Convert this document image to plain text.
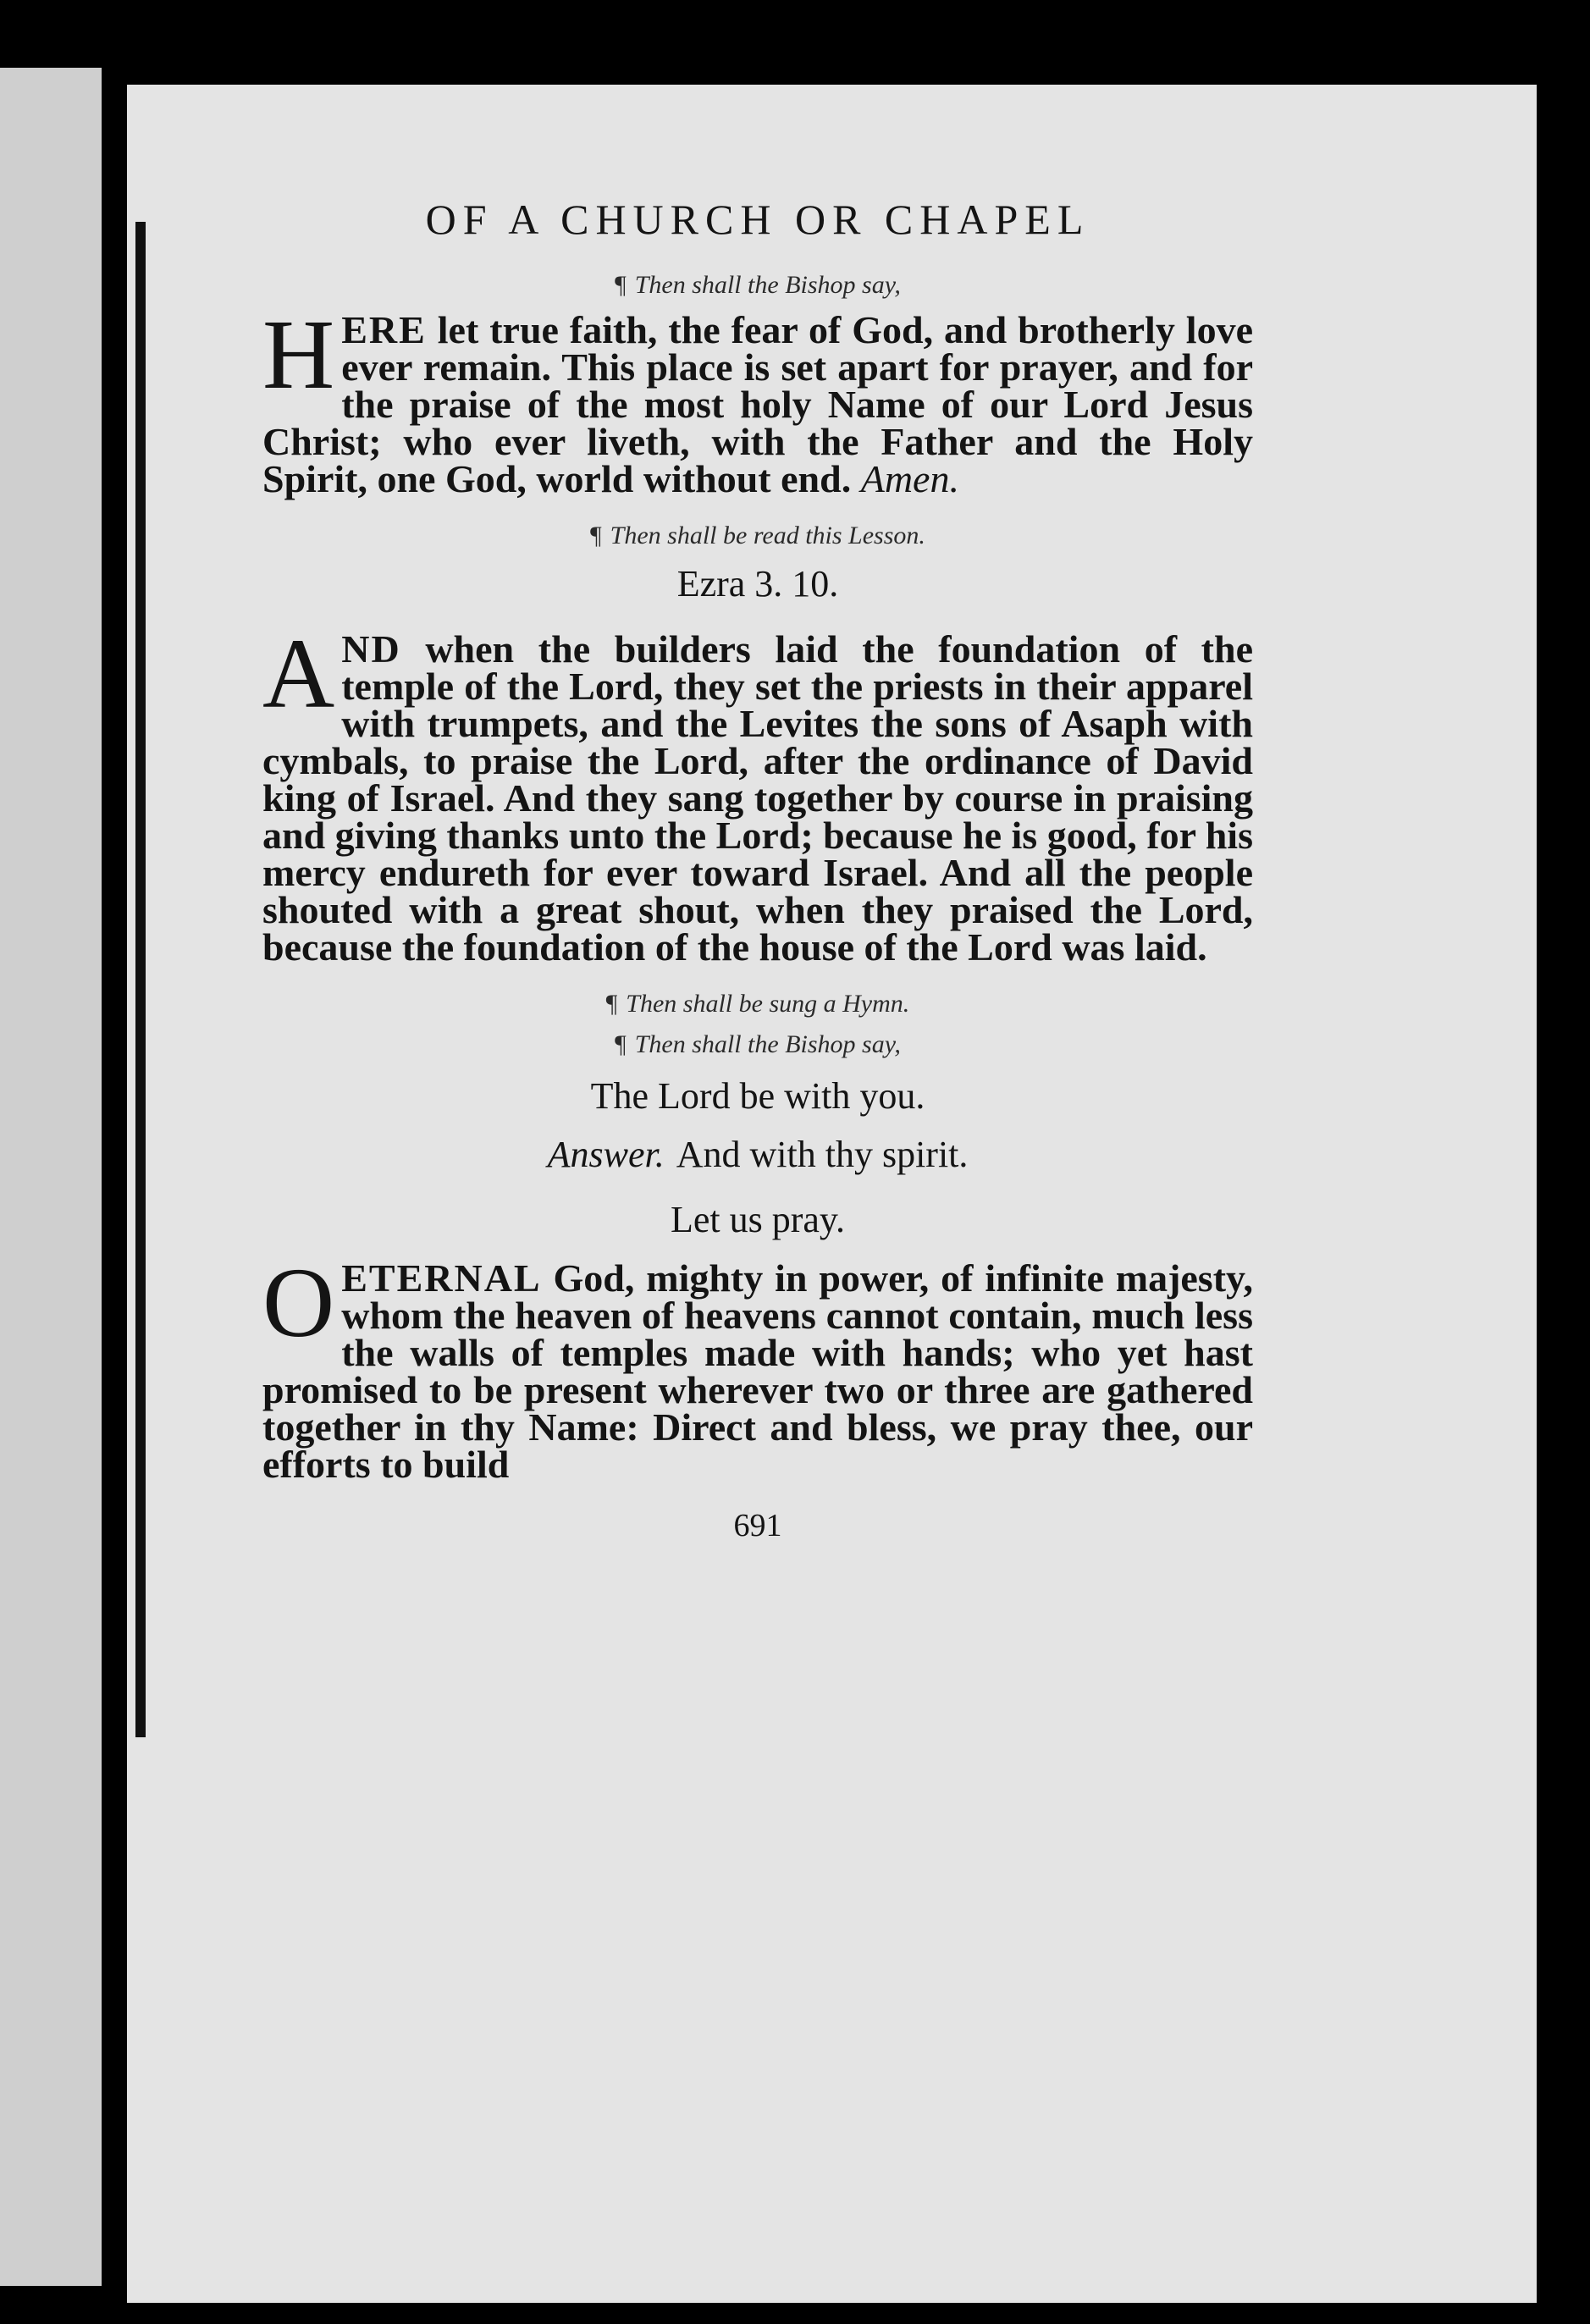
OF A CHURCH OR CHAPEL
¶ Then shall the Bishop say,

HERE let true faith, the fear of God, and brotherly love ever remain. This place is set apart for prayer, and for the praise of the most holy Name of our Lord Jesus Christ; who ever liveth, with the Father and the Holy Spirit, one God, world without end. Amen.

¶ Then shall be read this Lesson.
Ezra 3. 10.

AND when the builders laid the foundation of the temple of the Lord, they set the priests in their apparel with trumpets, and the Levites the sons of Asaph with cymbals, to praise the Lord, after the ordinance of David king of Israel. And they sang together by course in praising and giving thanks unto the Lord; because he is good, for his mercy endureth for ever toward Israel. And all the people shouted with a great shout, when they praised the Lord, because the foundation of the house of the Lord was laid.

¶ Then shall be sung a Hymn.
¶ Then shall the Bishop say,
The Lord be with you.
Answer. And with thy spirit.
Let us pray.

OETERNAL God, mighty in power, of infinite majesty, whom the heaven of heavens cannot contain, much less the walls of temples made with hands; who yet hast promised to be present wherever two or three are gathered together in thy Name: Direct and bless, we pray thee, our efforts to build

691
